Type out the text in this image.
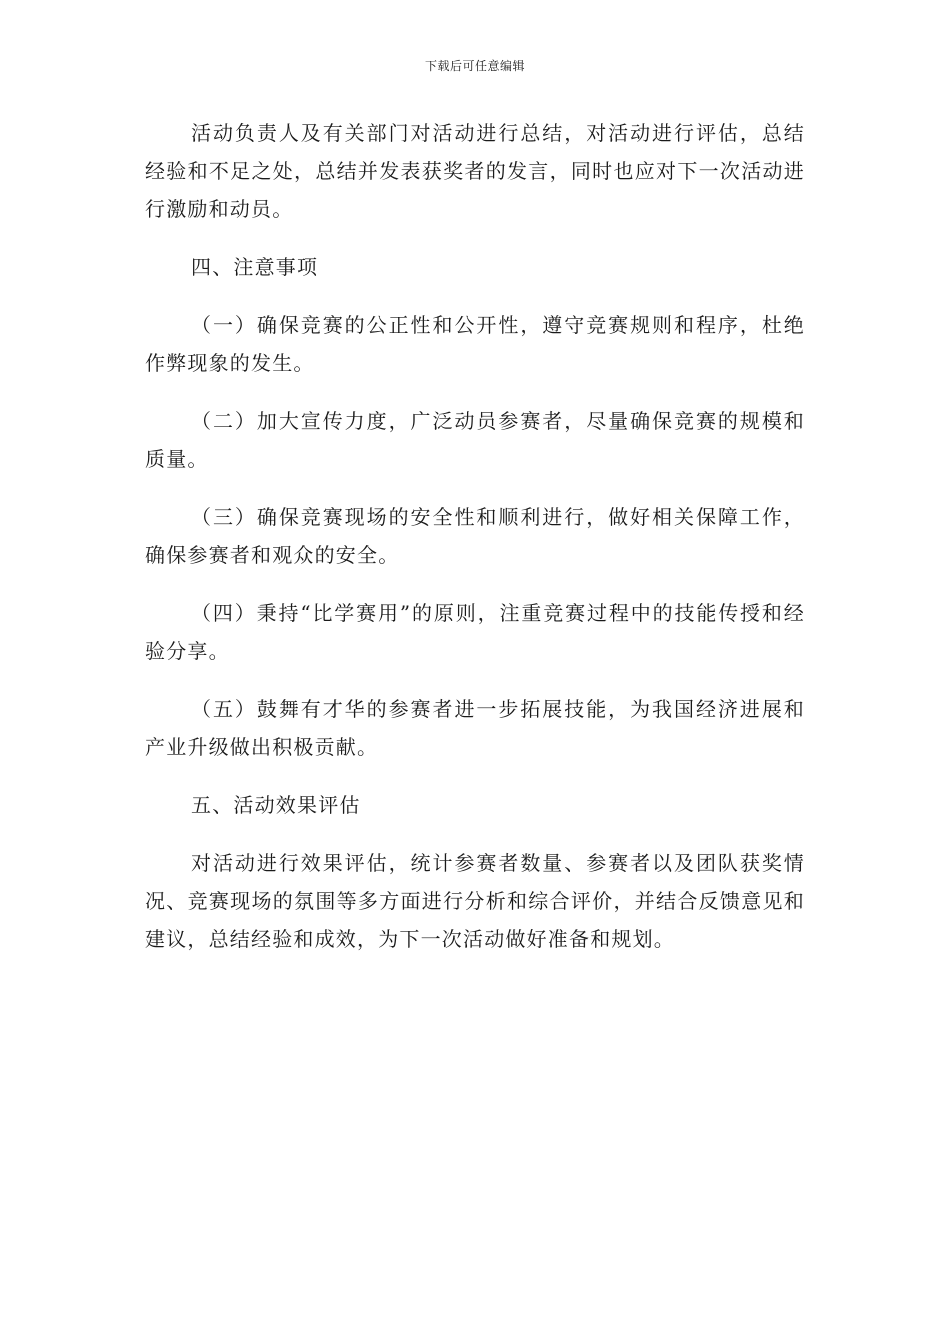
下载后可任意编辑

活动负责人及有关部门对活动进行总结，对活动进行评估，总结经验和不足之处，总结并发表获奖者的发言，同时也应对下一次活动进行激励和动员。

四、注意事项

（一）确保竞赛的公正性和公开性，遵守竞赛规则和程序，杜绝作弊现象的发生。

（二）加大宣传力度，广泛动员参赛者，尽量确保竞赛的规模和质量。

（三）确保竞赛现场的安全性和顺利进行，做好相关保障工作，确保参赛者和观众的安全。

（四）秉持“比学赛用”的原则，注重竞赛过程中的技能传授和经验分享。

（五）鼓舞有才华的参赛者进一步拓展技能，为我国经济进展和产业升级做出积极贡献。

五、活动效果评估

对活动进行效果评估，统计参赛者数量、参赛者以及团队获奖情况、竞赛现场的氛围等多方面进行分析和综合评价，并结合反馈意见和建议，总结经验和成效，为下一次活动做好准备和规划。
